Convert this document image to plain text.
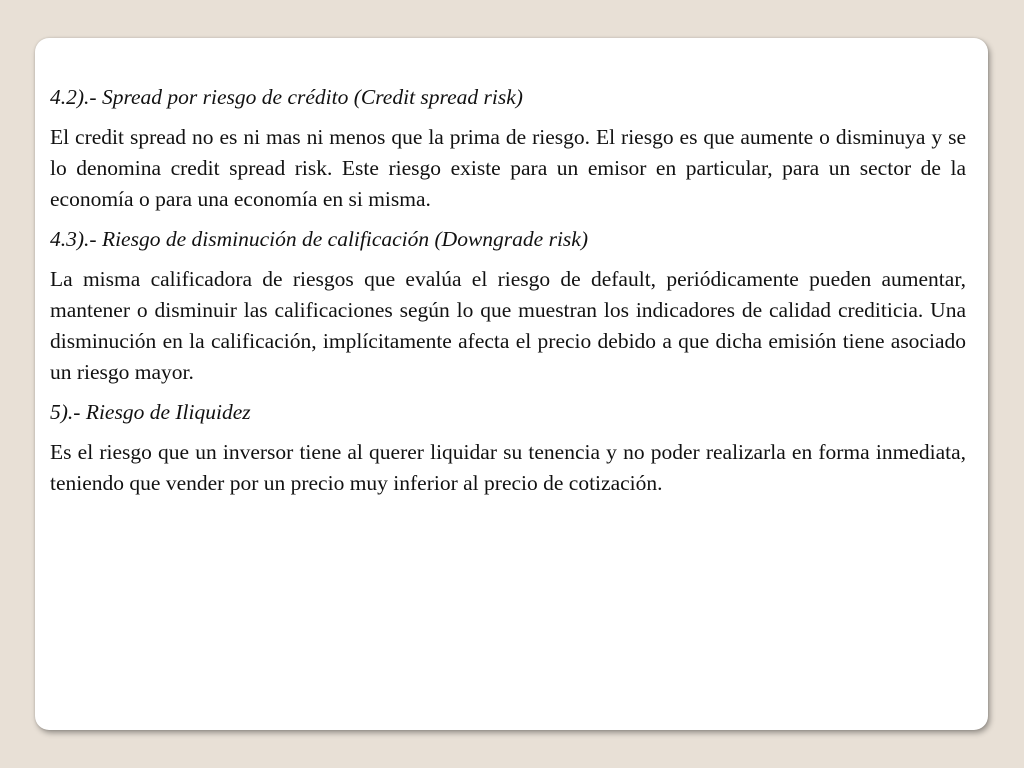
4.2).- Spread por riesgo de crédito (Credit spread risk)

El credit spread no es ni mas ni menos que la prima de riesgo. El riesgo es que aumente o disminuya y se lo denomina credit spread risk. Este riesgo existe para un emisor en particular, para un sector de la economía o para una economía en si misma.

4.3).- Riesgo de disminución de calificación (Downgrade risk)

La misma calificadora de riesgos que evalúa el riesgo de default, periódicamente pueden aumentar, mantener o disminuir las calificaciones según lo que muestran los indicadores de calidad crediticia. Una disminución en la calificación, implícitamente afecta el precio debido a que dicha emisión tiene asociado un riesgo mayor.

5).- Riesgo de Iliquidez

Es el riesgo que un inversor tiene al querer liquidar su tenencia y no poder realizarla en forma inmediata, teniendo que vender por un precio muy inferior al precio de cotización.
